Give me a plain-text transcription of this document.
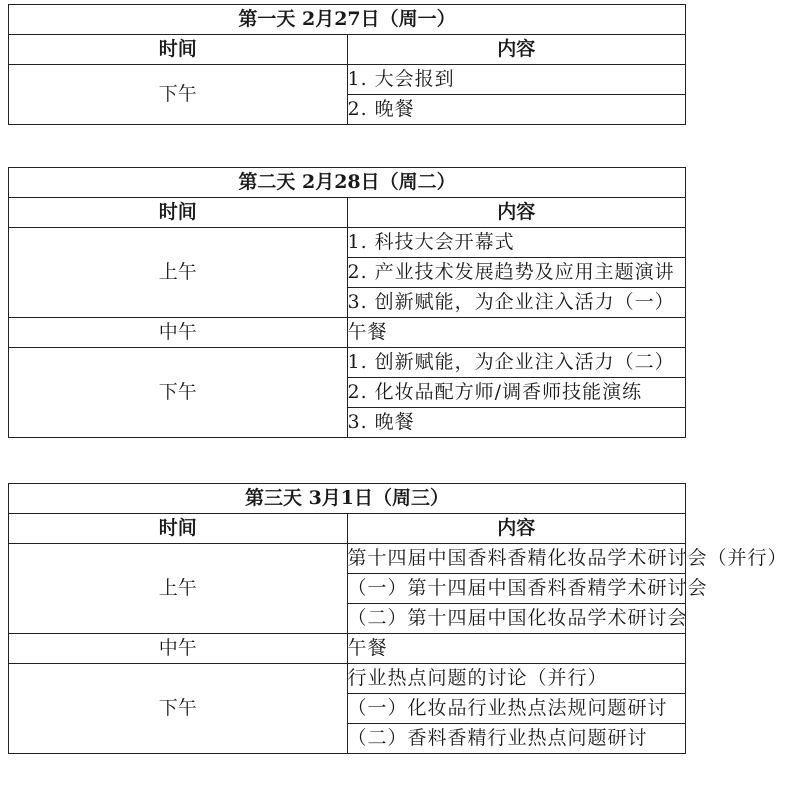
第一天 2月27日（周一）	
时间	内容
下午	1. 大会报到
	2. 晚餐
第二天 2月28日（周二）	
时间	内容
上午	1. 科技大会开幕式
	2. 产业技术发展趋势及应用主题演讲
	3. 创新赋能，为企业注入活力（一）
中午	午餐
下午	1. 创新赋能，为企业注入活力（二）
	2. 化妆品配方师/调香师技能演练
	3. 晚餐
第三天 3月1日（周三）	
时间	内容
上午	第十四届中国香料香精化妆品学术研讨会（并行）
	（一）第十四届中国香料香精学术研讨会
	（二）第十四届中国化妆品学术研讨会
中午	午餐
下午	行业热点问题的讨论（并行）
	（一）化妆品行业热点法规问题研讨
	（二）香料香精行业热点问题研讨
